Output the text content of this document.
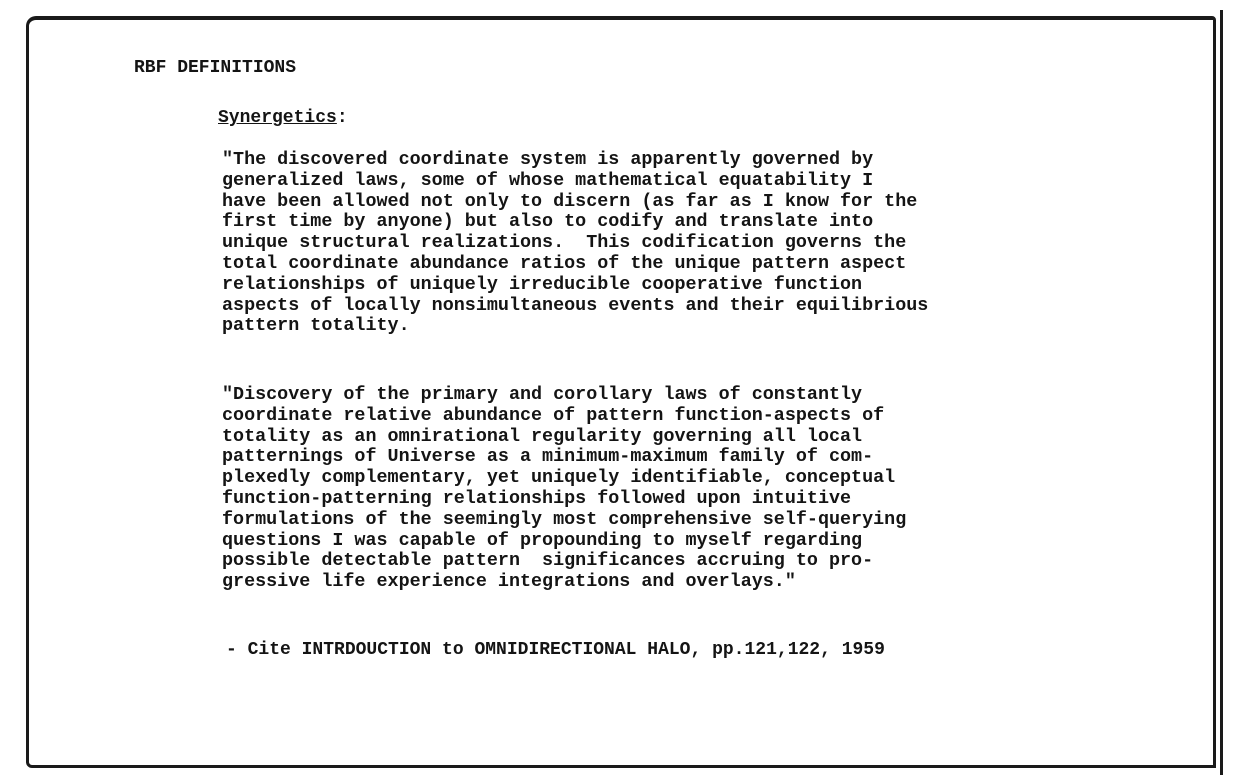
RBF DEFINITIONS
Synergetics:

"The discovered coordinate system is apparently governed by
generalized laws, some of whose mathematical equatability I
have been allowed not only to discern (as far as I know for the
first time by anyone) but also to codify and translate into
unique structural realizations.  This codification governs the
total coordinate abundance ratios of the unique pattern aspect
relationships of uniquely irreducible cooperative function
aspects of locally nonsimultaneous events and their equilibrious
pattern totality.

"Discovery of the primary and corollary laws of constantly
coordinate relative abundance of pattern function-aspects of
totality as an omnirational regularity governing all local
patternings of Universe as a minimum-maximum family of com-
plexedly complementary, yet uniquely identifiable, conceptual
function-patterning relationships followed upon intuitive
formulations of the seemingly most comprehensive self-querying
questions I was capable of propounding to myself regarding
possible detectable pattern  significances accruing to pro-
gressive life experience integrations and overlays."

- Cite INTRDOUCTION to OMNIDIRECTIONAL HALO, pp.121,122, 1959
